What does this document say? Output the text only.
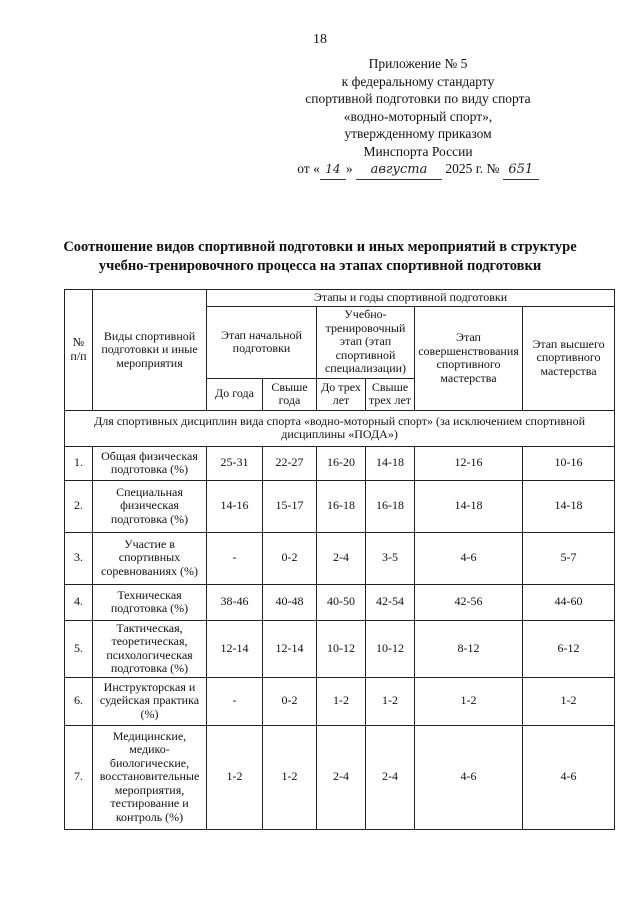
18
Приложение № 5
к федеральному стандарту
спортивной подготовки по виду спорта
«водно-моторный спорт»,
утвержденному приказом
Минспорта России
от « 14 » августа 2025 г. № 651
Соотношение видов спортивной подготовки и иных мероприятий в структуре учебно-тренировочного процесса на этапах спортивной подготовки
№ п/п	Виды спортивной подготовки и иные мероприятия	Этапы и годы спортивной подготовки					
		Этап начальной подготовки		Учебно-тренировочный этап (этап спортивной специализации)		Этап совершенствования спортивного мастерства	Этап высшего спортивного мастерства
		До года	Свыше года	До трех лет	Свыше трех лет		
Для спортивных дисциплин вида спорта «водно-моторный спорт» (за исключением спортивной дисциплины «ПОДА»)							
1.	Общая физическая подготовка (%)	25-31	22-27	16-20	14-18	12-16	10-16
2.	Специальная физическая подготовка (%)	14-16	15-17	16-18	16-18	14-18	14-18
3.	Участие в спортивных соревнованиях (%)	-	0-2	2-4	3-5	4-6	5-7
4.	Техническая подготовка (%)	38-46	40-48	40-50	42-54	42-56	44-60
5.	Тактическая, теоретическая, психологическая подготовка (%)	12-14	12-14	10-12	10-12	8-12	6-12
6.	Инструкторская и судейская практика (%)	-	0-2	1-2	1-2	1-2	1-2
7.	Медицинские, медико-биологические, восстановительные мероприятия, тестирование и контроль (%)	1-2	1-2	2-4	2-4	4-6	4-6
